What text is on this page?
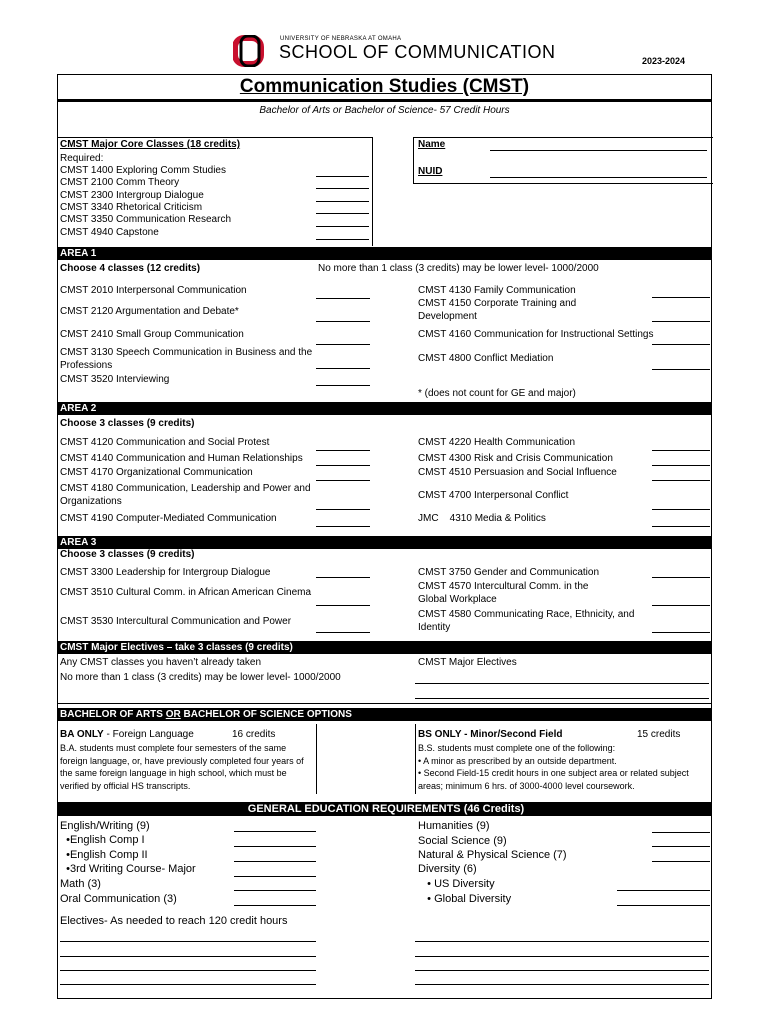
UNIVERSITY OF NEBRASKA AT OMAHA
SCHOOL OF COMMUNICATION	2023-2024
Communication Studies (CMST)
Bachelor of Arts or Bachelor of Science- 57 Credit Hours
CMST Major Core Classes (18 credits)
Required:
CMST 1400 Exploring Comm Studies
CMST 2100 Comm Theory
CMST 2300 Intergroup Dialogue
CMST 3340 Rhetorical Criticism
CMST 3350 Communication Research
CMST 4940 Capstone
Name
NUID
AREA 1
Choose 4 classes (12 credits)	No more than 1 class (3 credits) may be lower level- 1000/2000
CMST 2010 Interpersonal Communication
CMST 2120 Argumentation and Debate*
CMST 2410 Small Group Communication
CMST 3130 Speech Communication in Business and the Professions
CMST 3520 Interviewing
CMST 4130 Family Communication
CMST 4150 Corporate Training and Development
CMST 4160 Communication for Instructional Settings
CMST 4800 Conflict Mediation
* (does not count for GE and major)
AREA 2
Choose 3 classes (9 credits)
CMST 4120 Communication and Social Protest
CMST 4140 Communication and Human Relationships
CMST 4170 Organizational Communication
CMST 4180 Communication, Leadership and Power and Organizations
CMST 4190 Computer-Mediated Communication
CMST 4220 Health Communication
CMST 4300 Risk and Crisis Communication
CMST 4510 Persuasion and Social Influence
CMST 4700 Interpersonal Conflict
JMC    4310 Media & Politics
AREA 3
Choose 3 classes (9 credits)
CMST 3300 Leadership for Intergroup Dialogue
CMST 3510 Cultural Comm. in African American Cinema
CMST 3530 Intercultural Communication and Power
CMST 3750 Gender and Communication
CMST 4570 Intercultural Comm. in the Global Workplace
CMST 4580 Communicating Race, Ethnicity, and Identity
CMST Major Electives – take 3 classes (9 credits)
Any CMST classes you haven’t already taken
No more than 1 class (3 credits) may be lower level- 1000/2000
CMST Major Electives
BACHELOR OF ARTS OR BACHELOR OF SCIENCE OPTIONS
BA ONLY - Foreign Language	16 credits
B.A. students must complete four semesters of the same foreign language, or, have previously completed four years of the same foreign language in high school, which must be verified by official HS transcripts.
BS ONLY - Minor/Second Field	15 credits
B.S. students must complete one of the following:
• A minor as prescribed by an outside department.
• Second Field-15 credit hours in one subject area or related subject areas; minimum 6 hrs. of 3000-4000 level coursework.
GENERAL EDUCATION REQUIREMENTS (46 Credits)
English/Writing (9)
•English Comp I
•English Comp II
•3rd Writing Course- Major
Math (3)
Oral Communication (3)
Humanities (9)
Social Science (9)
Natural & Physical Science (7)
Diversity (6)
• US Diversity
• Global Diversity
Electives- As needed to reach 120 credit hours
